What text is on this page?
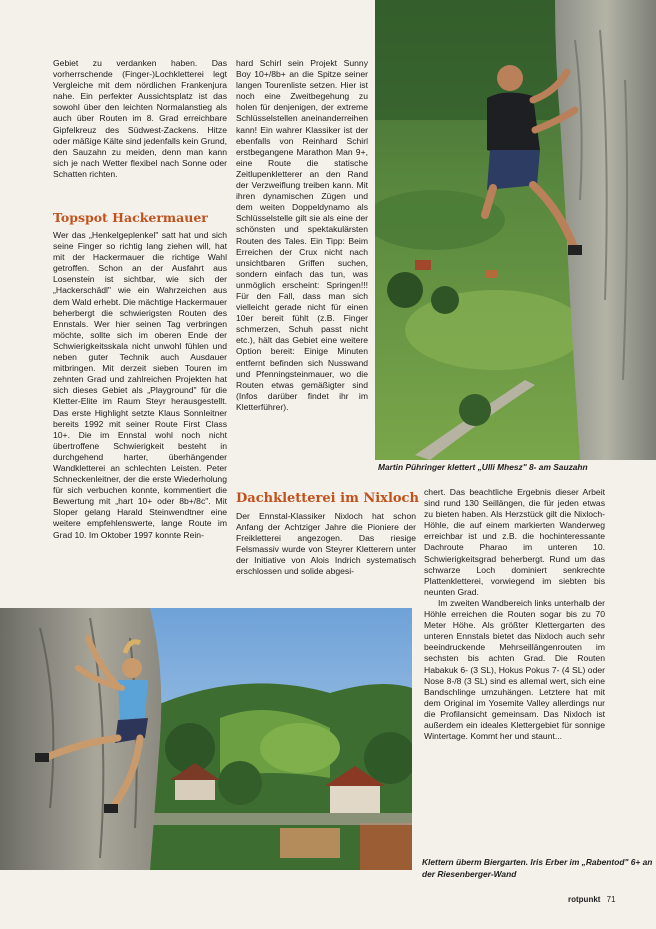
Gebiet zu verdanken haben. Das vorherrschende (Finger-)Lochkletterei legt Vergleiche mit dem nördlichen Frankenjura nahe. Ein perfekter Aussichtsplatz ist das sowohl über den leichten Normalanstieg als auch über Routen im 8. Grad erreichbare Gipfelkreuz des Südwest-Zackens. Hitze oder mäßige Kälte sind jedenfalls kein Grund, den Sauzahn zu meiden, denn man kann sich je nach Wetter flexibel nach Sonne oder Schatten richten.

Topspot Hackermauer

Wer das „Henkelgeplenkel" satt hat und sich seine Finger so richtig lang ziehen will, hat mit der Hackermauer die richtige Wahl getroffen. Schon an der Ausfahrt aus Losenstein ist sichtbar, wie sich der „Hackerschädl" wie ein Wahrzeichen aus dem Wald erhebt. Die mächtige Hackermauer beherbergt die schwierigsten Routen des Ennstals. Wer hier seinen Tag verbringen möchte, sollte sich im oberen Ende der Schwierigkeitsskala nicht unwohl fühlen und neben guter Technik auch Ausdauer mitbringen. Mit derzeit sieben Touren im zehnten Grad und zahlreichen Projekten hat sich dieses Gebiet als „Playground" für die Kletter-Elite im Raum Steyr herausgestellt. Das erste Highlight setzte Klaus Sonnleitner bereits 1992 mit seiner Route First Class 10+. Die im Ennstal wohl noch nicht übertroffene Schwierigkeit besteht in durchgehend harter, überhängender Wandkletterei an schlechten Leisten. Peter Schneckenleitner, der die erste Wiederholung für sich verbuchen konnte, kommentiert die Bewertung mit „hart 10+ oder 8b+/8c". Mit Sloper gelang Harald Steinwendtner eine weitere empfehlenswerte, lange Route im Grad 10. Im Oktober 1997 konnte Rein-

hard Schirl sein Projekt Sunny Boy 10+/8b+ an die Spitze seiner langen Tourenliste setzen. Hier ist noch eine Zweitbegehung zu holen für denjenigen, der extreme Schlüsselstellen aneinanderreihen kann! Ein wahrer Klassiker ist der ebenfalls von Reinhard Schirl erstbegangene Marathon Man 9+, eine Route die statische Zeitlupenkletterer an den Rand der Verzweiflung treiben kann. Mit ihren dynamischen Zügen und dem weiten Doppeldynamo als Schlüsselstelle gilt sie als eine der schönsten und spektakulärsten Routen des Tales. Ein Tipp: Beim Erreichen der Crux nicht nach unsichtbaren Griffen suchen, sondern einfach das tun, was unmöglich erscheint: Springen!!! Für den Fall, dass man sich vielleicht gerade nicht für einen 10er bereit fühlt (z.B. Finger schmerzen, Schuh passt nicht etc.), hält das Gebiet eine weitere Option bereit: Einige Minuten entfernt befinden sich Nusswand und Pfenningsteinmauer, wo die Routen etwas gemäßigter sind (Infos darüber findet ihr im Kletterführer).

Martin Pühringer klettert „Ulli Mhesz" 8- am Sauzahn
Dachkletterei im Nixloch

Der Ennstal-Klassiker Nixloch hat schon Anfang der Achtziger Jahre die Pioniere der Freikletterei angezogen. Das riesige Felsmassiv wurde von Steyrer Kletterern unter der Initiative von Alois Indrich systematisch erschlossen und solide abgesi-

chert. Das beachtliche Ergebnis dieser Arbeit sind rund 130 Seillängen, die für jeden etwas zu bieten haben. Als Herzstück gilt die Nixloch-Höhle, die auf einem markierten Wanderweg erreichbar ist und z.B. die hochinteressante Dachroute Pharao im unteren 10. Schwierigkeitsgrad beherbergt. Rund um das schwarze Loch dominiert senkrechte Plattenkletterei, vorwiegend im siebten bis neunten Grad.

Im zweiten Wandbereich links unterhalb der Höhle erreichen die Routen sogar bis zu 70 Meter Höhe. Als größter Klettergarten des unteren Ennstals bietet das Nixloch auch sehr beeindruckende Mehrseillängenrouten im sechsten bis achten Grad. Die Routen Habakuk 6- (3 SL), Hokus Pokus 7- (4 SL) oder Nose 8-/8 (3 SL) sind es allemal wert, sich eine Bandschlinge umzuhängen. Letztere hat mit dem Original im Yosemite Valley allerdings nur die Profilansicht gemeinsam. Das Nixloch ist außerdem ein ideales Klettergebiet für sonnige Wintertage. Kommt her und staunt...

Klettern überm Biergarten. Iris Erber im „Rabentod" 6+ an der Riesenberger-Wand
rotpunkt 71
